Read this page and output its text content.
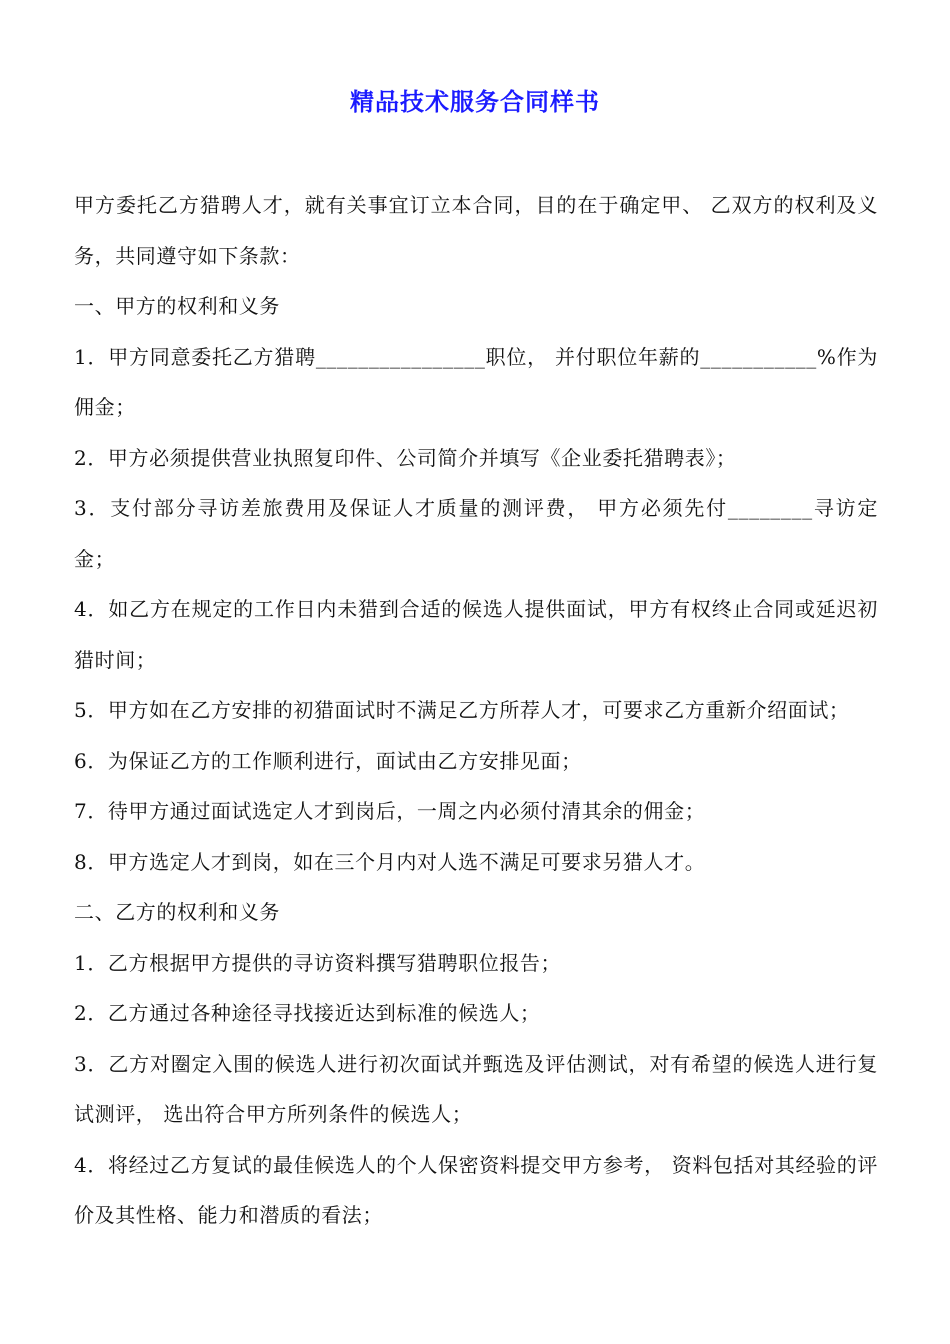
精品技术服务合同样书

甲方委托乙方猎聘人才，就有关事宜订立本合同，目的在于确定甲、 乙双方的权利及义务，共同遵守如下条款：

一、甲方的权利和义务

1．甲方同意委托乙方猎聘________________职位， 并付职位年薪的___________%作为佣金；

2．甲方必须提供营业执照复印件、公司简介并填写《企业委托猎聘表》；

3．支付部分寻访差旅费用及保证人才质量的测评费， 甲方必须先付________寻访定金；

4．如乙方在规定的工作日内未猎到合适的候选人提供面试，甲方有权终止合同或延迟初猎时间；

5．甲方如在乙方安排的初猎面试时不满足乙方所荐人才，可要求乙方重新介绍面试；

6．为保证乙方的工作顺利进行，面试由乙方安排见面；

7．待甲方通过面试选定人才到岗后，一周之内必须付清其余的佣金；

8．甲方选定人才到岗，如在三个月内对人选不满足可要求另猎人才。

二、乙方的权利和义务

1．乙方根据甲方提供的寻访资料撰写猎聘职位报告；

2．乙方通过各种途径寻找接近达到标准的候选人；

3．乙方对圈定入围的候选人进行初次面试并甄选及评估测试，对有希望的候选人进行复试测评， 选出符合甲方所列条件的候选人；

4．将经过乙方复试的最佳候选人的个人保密资料提交甲方参考， 资料包括对其经验的评价及其性格、能力和潜质的看法；
